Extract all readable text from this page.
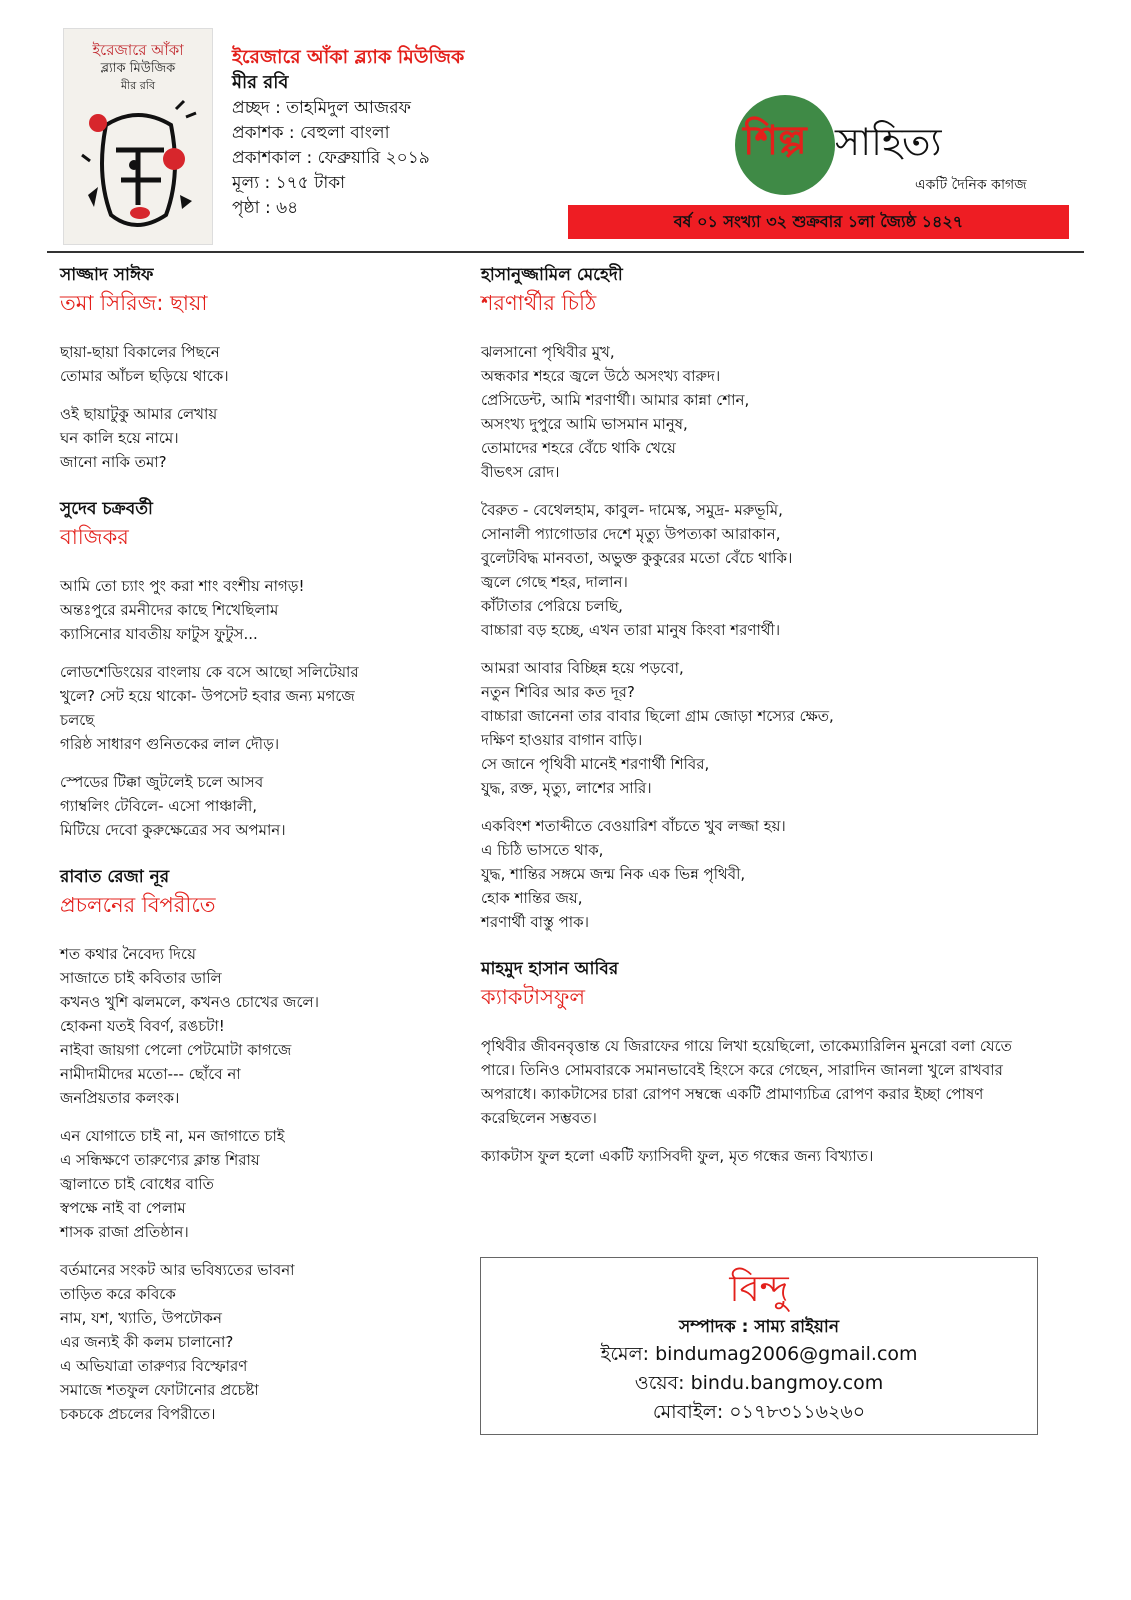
ইরেজারে আঁকা
ব্ল্যাক মিউজিক
মীর রবি
ইরেজারে আঁকা ব্ল্যাক মিউজিক
মীর রবি
প্রচ্ছদ : তাহমিদুল আজরফ
প্রকাশক : বেহুলা বাংলা
প্রকাশকাল : ফেব্রুয়ারি ২০১৯
মূল্য : ১৭৫ টাকা
পৃষ্ঠা : ৬৪
শিল্প সাহিত্য
একটি দৈনিক কাগজ
বর্ষ ০১ সংখ্যা ৩২ শুক্রবার ১লা জ্যৈষ্ঠ ১৪২৭
সাজ্জাদ সাঈফ
তমা সিরিজ: ছায়া
ছায়া-ছায়া বিকালের পিছনে
তোমার আঁচল ছড়িয়ে থাকে।
ওই ছায়াটুকু আমার লেখায়
ঘন কালি হয়ে নামে।
জানো নাকি তমা?
সুদেব চক্রবর্তী
বাজিকর
আমি তো চ্যাং পুং করা শাং বংশীয় নাগড়!
অন্তঃপুরে রমনীদের কাছে শিখেছিলাম
ক্যাসিনোর যাবতীয় ফাটুস ফুটুস...
লোডশেডিংয়ের বাংলায় কে বসে আছো সলিটেয়ার
খুলে? সেট হয়ে থাকো- উপসেট হবার জন্য মগজে
চলছে
গরিষ্ঠ সাধারণ গুনিতকের লাল দৌড়।
স্পেডের টিক্কা জুটলেই চলে আসব
গ্যাম্বলিং টেবিলে- এসো পাঞ্চালী,
মিটিয়ে দেবো কুরুক্ষেত্রের সব অপমান।
রাবাত রেজা নূর
প্রচলনের বিপরীতে
শত কথার নৈবেদ্য দিয়ে
সাজাতে চাই কবিতার ডালি
কখনও খুশি ঝলমলে, কখনও চোখের জলে।
হোকনা যতই বিবর্ণ, রঙচটা!
নাইবা জায়গা পেলো পেটমোটা কাগজে
নামীদামীদের মতো--- ছোঁবে না
জনপ্রিয়তার কলংক।
এন যোগাতে চাই না, মন জাগাতে চাই
এ সন্ধিক্ষণে তারুণ্যের ক্লান্ত শিরায়
জ্বালাতে চাই বোধের বাতি
স্বপক্ষে নাই বা পেলাম
শাসক রাজা প্রতিষ্ঠান।
বর্তমানের সংকট আর ভবিষ্যতের ভাবনা
তাড়িত করে কবিকে
নাম, যশ, খ্যাতি, উপঢৌকন
এর জন্যই কী কলম চালানো?
এ অভিযাত্রা তারুণ্যর বিস্ফোরণ
সমাজে শতফুল ফোটানোর প্রচেষ্টা
চকচকে প্রচলের বিপরীতে।
হাসানুজ্জামিল মেহেদী
শরণার্থীর চিঠি
ঝলসানো পৃথিবীর মুখ,
অন্ধকার শহরে জ্বলে উঠে অসংখ্য বারুদ।
প্রেসিডেন্ট, আমি শরণার্থী। আমার কান্না শোন,
অসংখ্য দুপুরে আমি ভাসমান মানুষ,
তোমাদের শহরে বেঁচে থাকি খেয়ে
বীভৎস রোদ।
বৈরুত - বেথেলহাম, কাবুল- দামেস্ক, সমুদ্র- মরুভূমি,
সোনালী প্যাগোডার দেশে মৃত্যু উপত্যকা আরাকান,
বুলেটবিদ্ধ মানবতা, অভুক্ত কুকুরের মতো বেঁচে থাকি।
জ্বলে গেছে শহর, দালান।
কাঁটাতার পেরিয়ে চলছি,
বাচ্চারা বড় হচ্ছে, এখন তারা মানুষ কিংবা শরণার্থী।
আমরা আবার বিচ্ছিন্ন হয়ে পড়বো,
নতুন শিবির আর কত দূর?
বাচ্চারা জানেনা তার বাবার ছিলো গ্রাম জোড়া শস্যের ক্ষেত,
দক্ষিণ হাওয়ার বাগান বাড়ি।
সে জানে পৃথিবী মানেই শরণার্থী শিবির,
যুদ্ধ, রক্ত, মৃত্যু, লাশের সারি।
একবিংশ শতাব্দীতে বেওয়ারিশ বাঁচতে খুব লজ্জা হয়।
এ চিঠি ভাসতে থাক,
যুদ্ধ, শান্তির সঙ্গমে জন্ম নিক এক ভিন্ন পৃথিবী,
হোক শান্তির জয়,
শরণার্থী বাস্তু পাক।
মাহমুদ হাসান আবির
ক্যাকটাসফুল
পৃথিবীর জীবনবৃত্তান্ত যে জিরাফের গায়ে লিখা হয়েছিলো, তাকেম্যারিলিন মুনরো বলা যেতে পারে। তিনিও সোমবারকে সমানভাবেই হিংসে করে গেছেন, সারাদিন জানলা খুলে রাখবার অপরাধে। ক্যাকটাসের চারা রোপণ সম্বন্ধে একটি প্রামাণ্যচিত্র রোপণ করার ইচ্ছা পোষণ করেছিলেন সম্ভবত।
ক্যাকটাস ফুল হলো একটি ফ্যাসিবদী ফুল, মৃত গন্ধের জন্য বিখ্যাত।
বিন্দু
সম্পাদক : সাম্য রাইয়ান
ইমেল: bindumag2006@gmail.com
ওয়েব: bindu.bangmoy.com
মোবাইল: ০১৭৮৩১১৬২৬০
